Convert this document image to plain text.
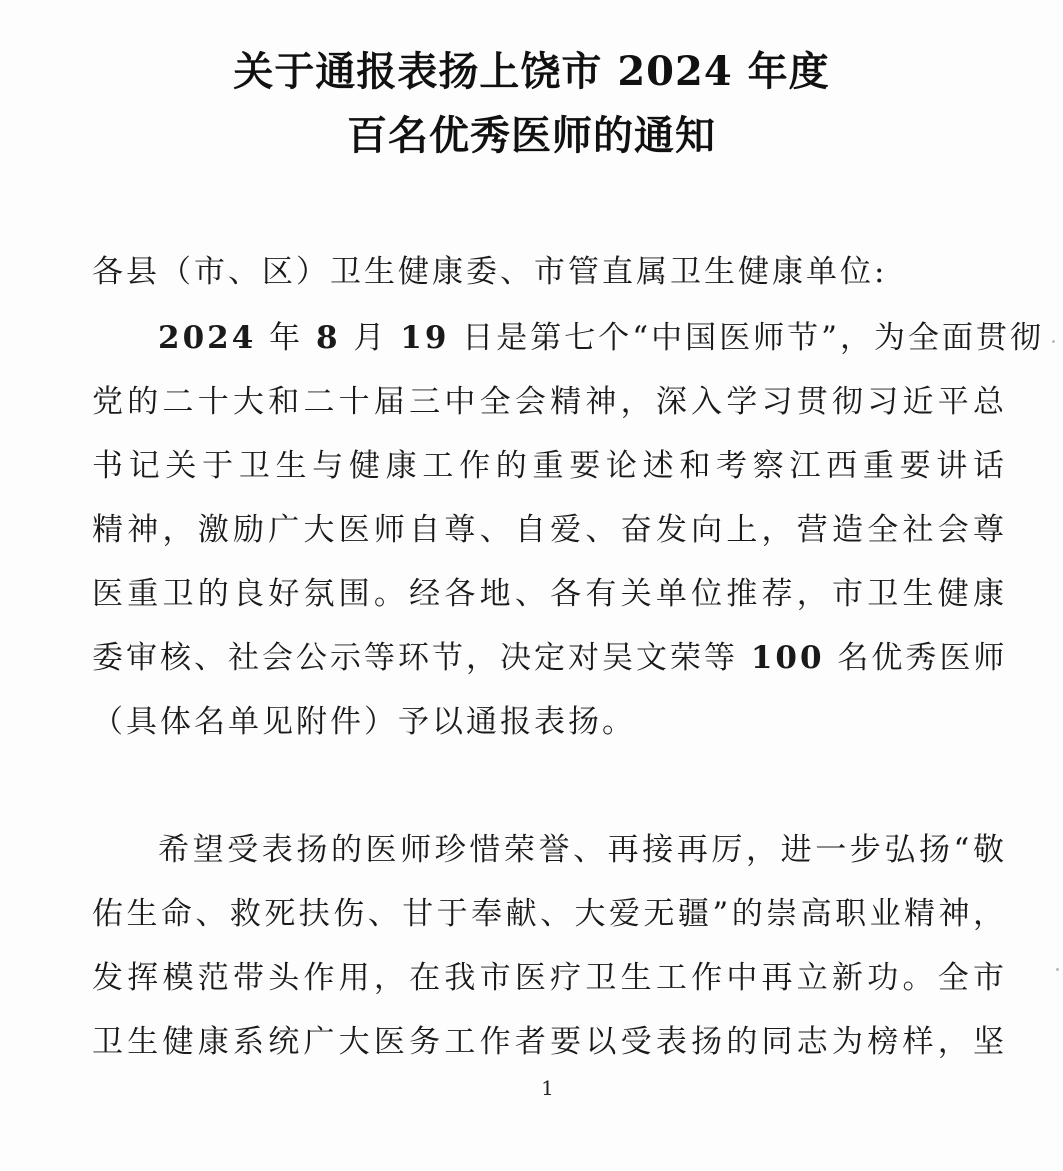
关于通报表扬上饶市 2024 年度
百名优秀医师的通知
各县（市、区）卫生健康委、市管直属卫生健康单位:
2024 年 8 月 19 日是第七个“中国医师节”，为全面贯彻
党的二十大和二十届三中全会精神，深入学习贯彻习近平总
书记关于卫生与健康工作的重要论述和考察江西重要讲话
精神，激励广大医师自尊、自爱、奋发向上，营造全社会尊
医重卫的良好氛围。经各地、各有关单位推荐，市卫生健康
委审核、社会公示等环节，决定对吴文荣等 100 名优秀医师
（具体名单见附件）予以通报表扬。
希望受表扬的医师珍惜荣誉、再接再厉，进一步弘扬“敬
佑生命、救死扶伤、甘于奉献、大爱无疆”的崇高职业精神，
发挥模范带头作用，在我市医疗卫生工作中再立新功。全市
卫生健康系统广大医务工作者要以受表扬的同志为榜样，坚
1
